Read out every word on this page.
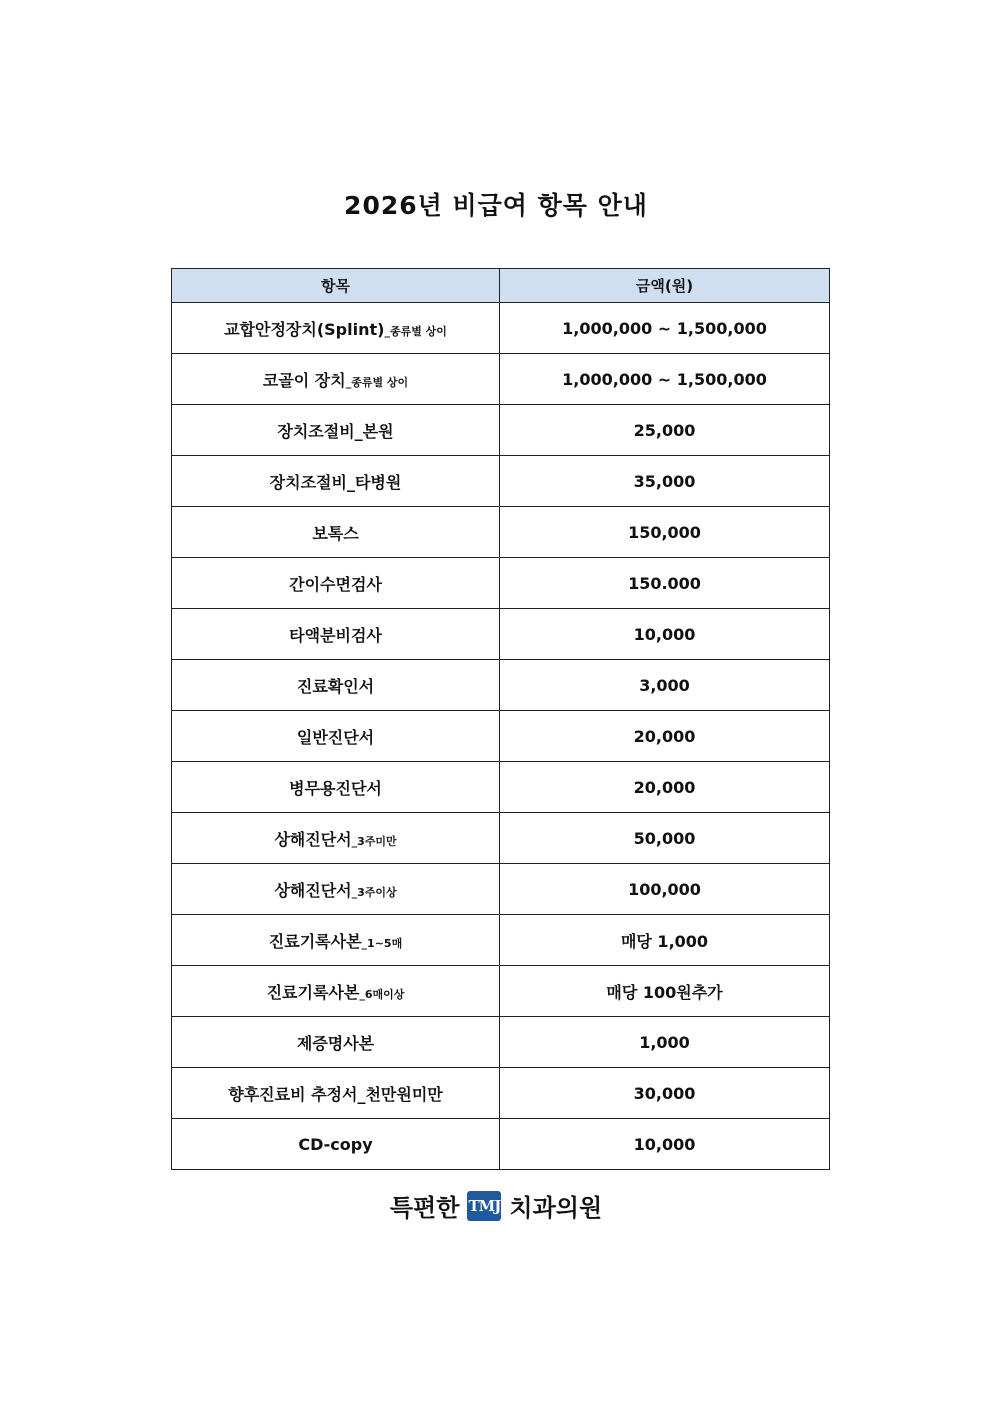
2026년 비급여 항목 안내
항목	금액(원)
교합안정장치(Splint)_종류별 상이	1,000,000 ~ 1,500,000
코골이 장치_종류별 상이	1,000,000 ~ 1,500,000
장치조절비_본원	25,000
장치조절비_타병원	35,000
보톡스	150,000
간이수면검사	150.000
타액분비검사	10,000
진료확인서	3,000
일반진단서	20,000
병무용진단서	20,000
상해진단서_3주미만	50,000
상해진단서_3주이상	100,000
진료기록사본_1~5매	매당 1,000
진료기록사본_6매이상	매당 100원추가
제증명사본	1,000
향후진료비 추정서_천만원미만	30,000
CD-copy	10,000
특편한 TMJ 치과의원
